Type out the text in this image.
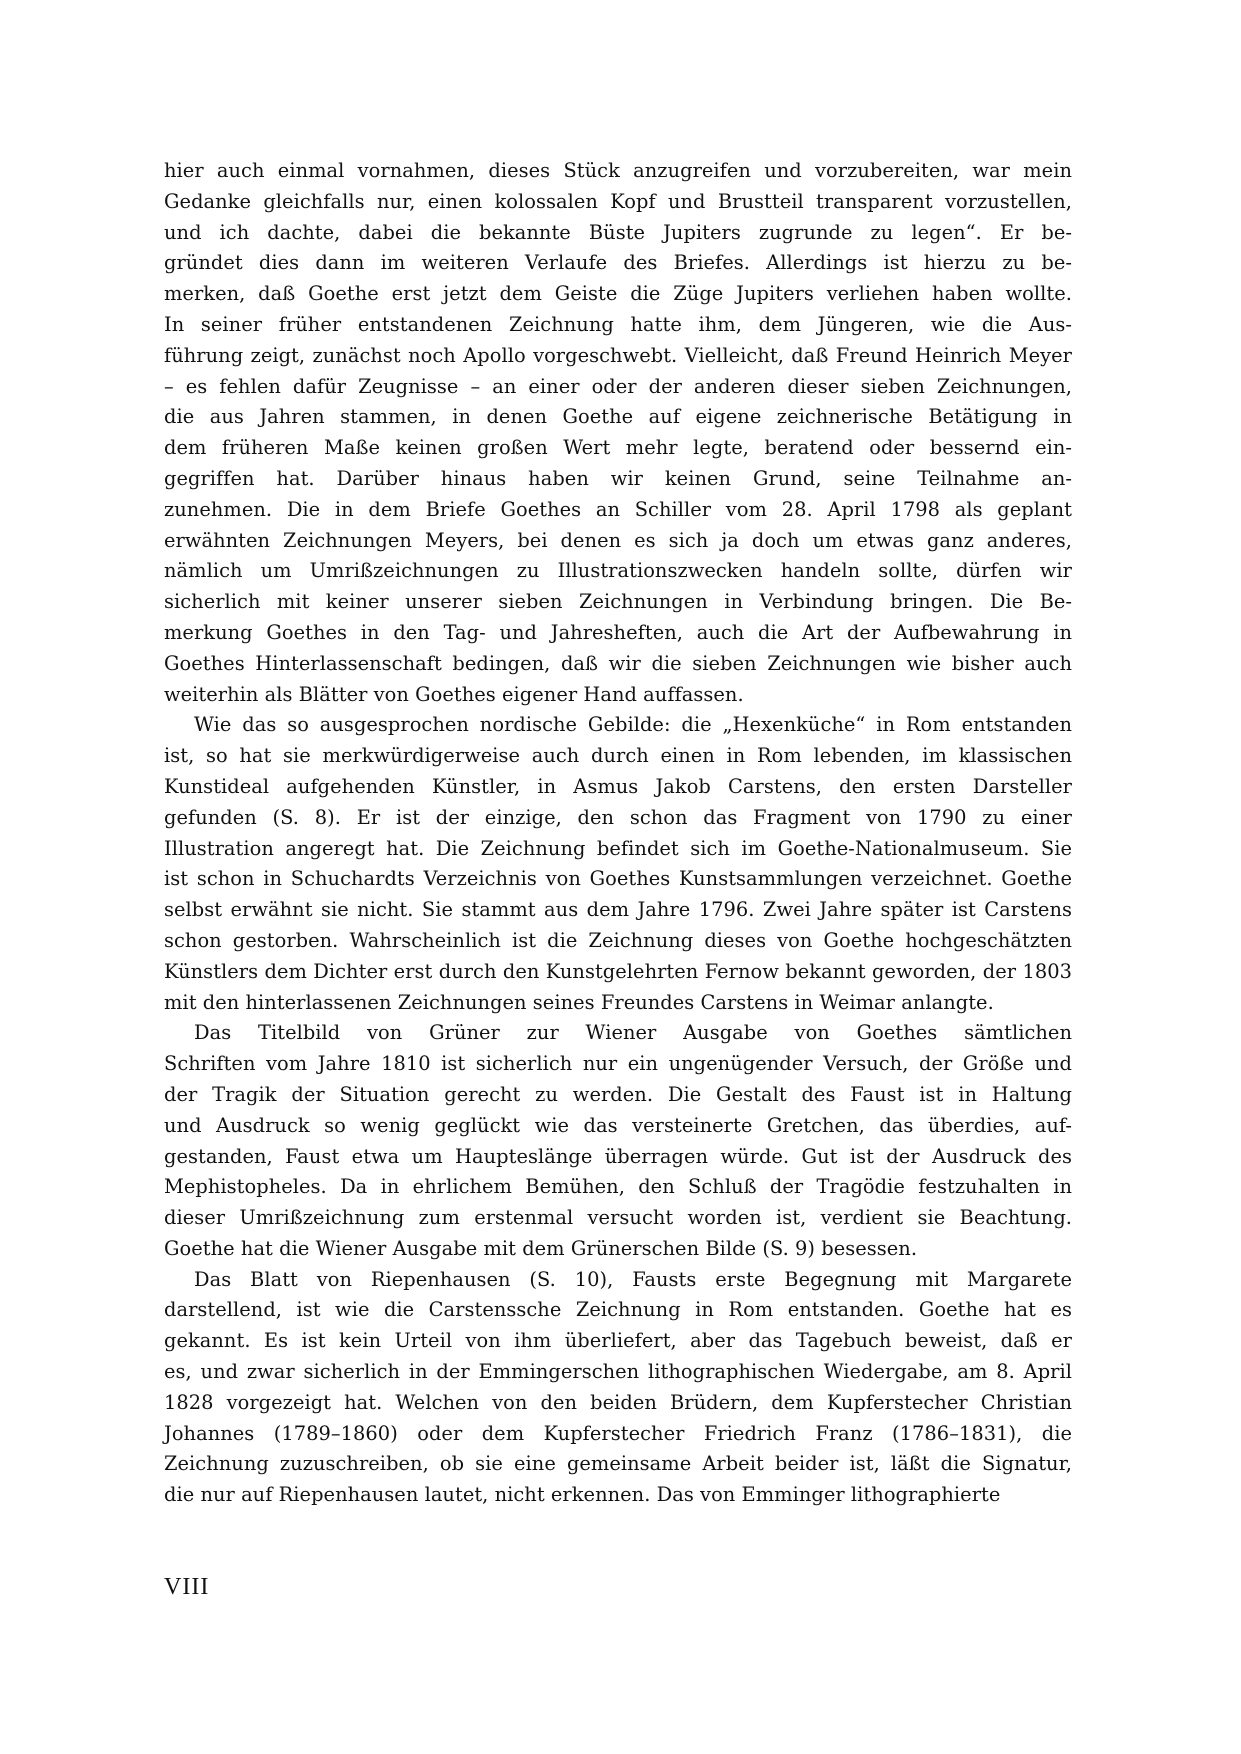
hier auch einmal vornahmen, dieses Stück anzugreifen und vorzubereiten, war mein
Gedanke gleichfalls nur, einen kolossalen Kopf und Brustteil transparent vorzustellen,
und ich dachte, dabei die bekannte Büste Jupiters zugrunde zu legen“. Er be-
gründet dies dann im weiteren Verlaufe des Briefes. Allerdings ist hierzu zu be-
merken, daß Goethe erst jetzt dem Geiste die Züge Jupiters verliehen haben wollte.
In seiner früher entstandenen Zeichnung hatte ihm, dem Jüngeren, wie die Aus-
führung zeigt, zunächst noch Apollo vorgeschwebt. Vielleicht, daß Freund Heinrich Meyer
– es fehlen dafür Zeugnisse – an einer oder der anderen dieser sieben Zeichnungen,
die aus Jahren stammen, in denen Goethe auf eigene zeichnerische Betätigung in
dem früheren Maße keinen großen Wert mehr legte, beratend oder bessernd ein-
gegriffen hat. Darüber hinaus haben wir keinen Grund, seine Teilnahme an-
zunehmen. Die in dem Briefe Goethes an Schiller vom 28. April 1798 als geplant
erwähnten Zeichnungen Meyers, bei denen es sich ja doch um etwas ganz anderes,
nämlich um Umrißzeichnungen zu Illustrationszwecken handeln sollte, dürfen wir
sicherlich mit keiner unserer sieben Zeichnungen in Verbindung bringen. Die Be-
merkung Goethes in den Tag- und Jahresheften, auch die Art der Aufbewahrung in
Goethes Hinterlassenschaft bedingen, daß wir die sieben Zeichnungen wie bisher auch
weiterhin als Blätter von Goethes eigener Hand auffassen.
Wie das so ausgesprochen nordische Gebilde: die „Hexenküche“ in Rom entstanden
ist, so hat sie merkwürdigerweise auch durch einen in Rom lebenden, im klassischen
Kunstideal aufgehenden Künstler, in Asmus Jakob Carstens, den ersten Darsteller
gefunden (S. 8). Er ist der einzige, den schon das Fragment von 1790 zu einer
Illustration angeregt hat. Die Zeichnung befindet sich im Goethe-Nationalmuseum. Sie
ist schon in Schuchardts Verzeichnis von Goethes Kunstsammlungen verzeichnet. Goethe
selbst erwähnt sie nicht. Sie stammt aus dem Jahre 1796. Zwei Jahre später ist Carstens
schon gestorben. Wahrscheinlich ist die Zeichnung dieses von Goethe hochgeschätzten
Künstlers dem Dichter erst durch den Kunstgelehrten Fernow bekannt geworden, der 1803
mit den hinterlassenen Zeichnungen seines Freundes Carstens in Weimar anlangte.
Das Titelbild von Grüner zur Wiener Ausgabe von Goethes sämtlichen
Schriften vom Jahre 1810 ist sicherlich nur ein ungenügender Versuch, der Größe und
der Tragik der Situation gerecht zu werden. Die Gestalt des Faust ist in Haltung
und Ausdruck so wenig geglückt wie das versteinerte Gretchen, das überdies, auf-
gestanden, Faust etwa um Haupteslänge überragen würde. Gut ist der Ausdruck des
Mephistopheles. Da in ehrlichem Bemühen, den Schluß der Tragödie festzuhalten in
dieser Umrißzeichnung zum erstenmal versucht worden ist, verdient sie Beachtung.
Goethe hat die Wiener Ausgabe mit dem Grünerschen Bilde (S. 9) besessen.
Das Blatt von Riepenhausen (S. 10), Fausts erste Begegnung mit Margarete
darstellend, ist wie die Carstenssche Zeichnung in Rom entstanden. Goethe hat es
gekannt. Es ist kein Urteil von ihm überliefert, aber das Tagebuch beweist, daß er
es, und zwar sicherlich in der Emmingerschen lithographischen Wiedergabe, am 8. April
1828 vorgezeigt hat. Welchen von den beiden Brüdern, dem Kupferstecher Christian
Johannes (1789–1860) oder dem Kupferstecher Friedrich Franz (1786–1831), die
Zeichnung zuzuschreiben, ob sie eine gemeinsame Arbeit beider ist, läßt die Signatur,
die nur auf Riepenhausen lautet, nicht erkennen. Das von Emminger lithographierte
VIII
